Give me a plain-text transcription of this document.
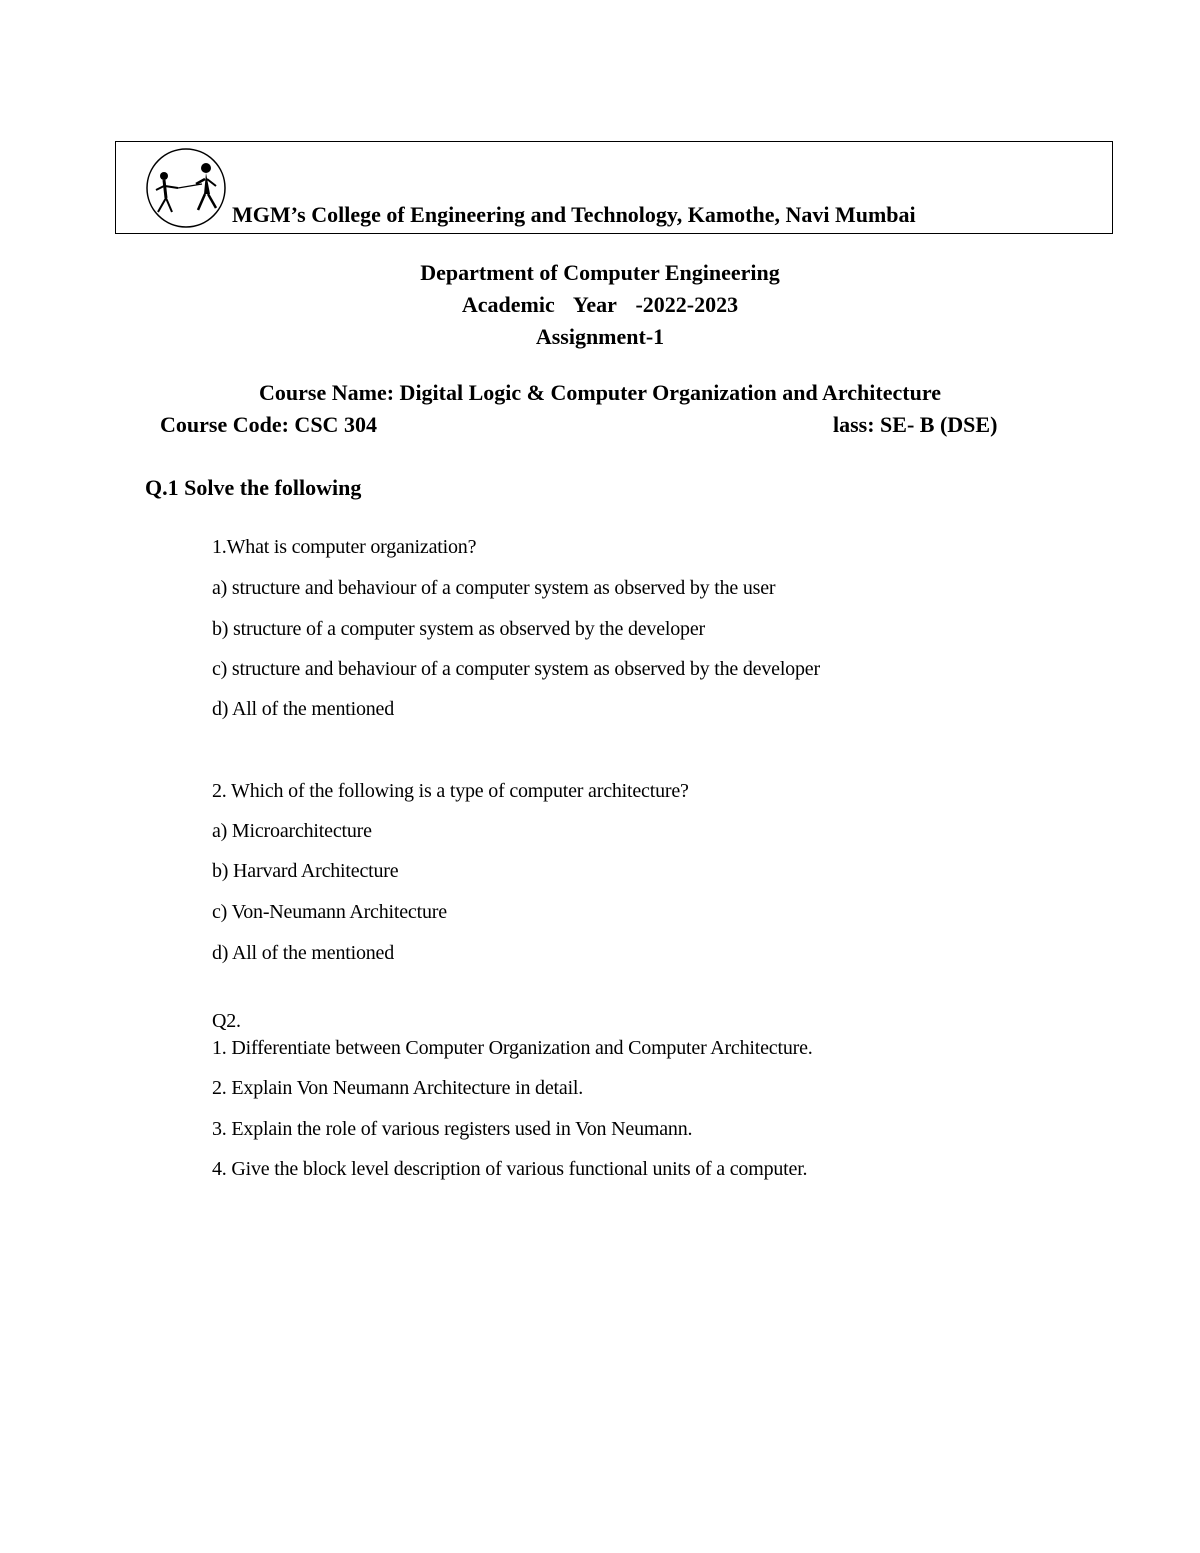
MGM’s College of Engineering and Technology, Kamothe, Navi Mumbai
Department of Computer Engineering
Academic  Year  -2022-2023
Assignment-1
Course Name: Digital Logic & Computer Organization and Architecture
Course Code: CSC 304	lass: SE- B (DSE)
Q.1 Solve the following
1.What is computer organization?
a) structure and behaviour of a computer system as observed by the user
b) structure of a computer system as observed by the developer
c) structure and behaviour of a computer system as observed by the developer
d) All of the mentioned
2. Which of the following is a type of computer architecture?
a) Microarchitecture
b) Harvard Architecture
c) Von-Neumann Architecture
d) All of the mentioned
Q2.
1. Differentiate between Computer Organization and Computer Architecture.
2. Explain Von Neumann Architecture in detail.
3. Explain the role of various registers used in Von Neumann.
4. Give the block level description of various functional units of a computer.
